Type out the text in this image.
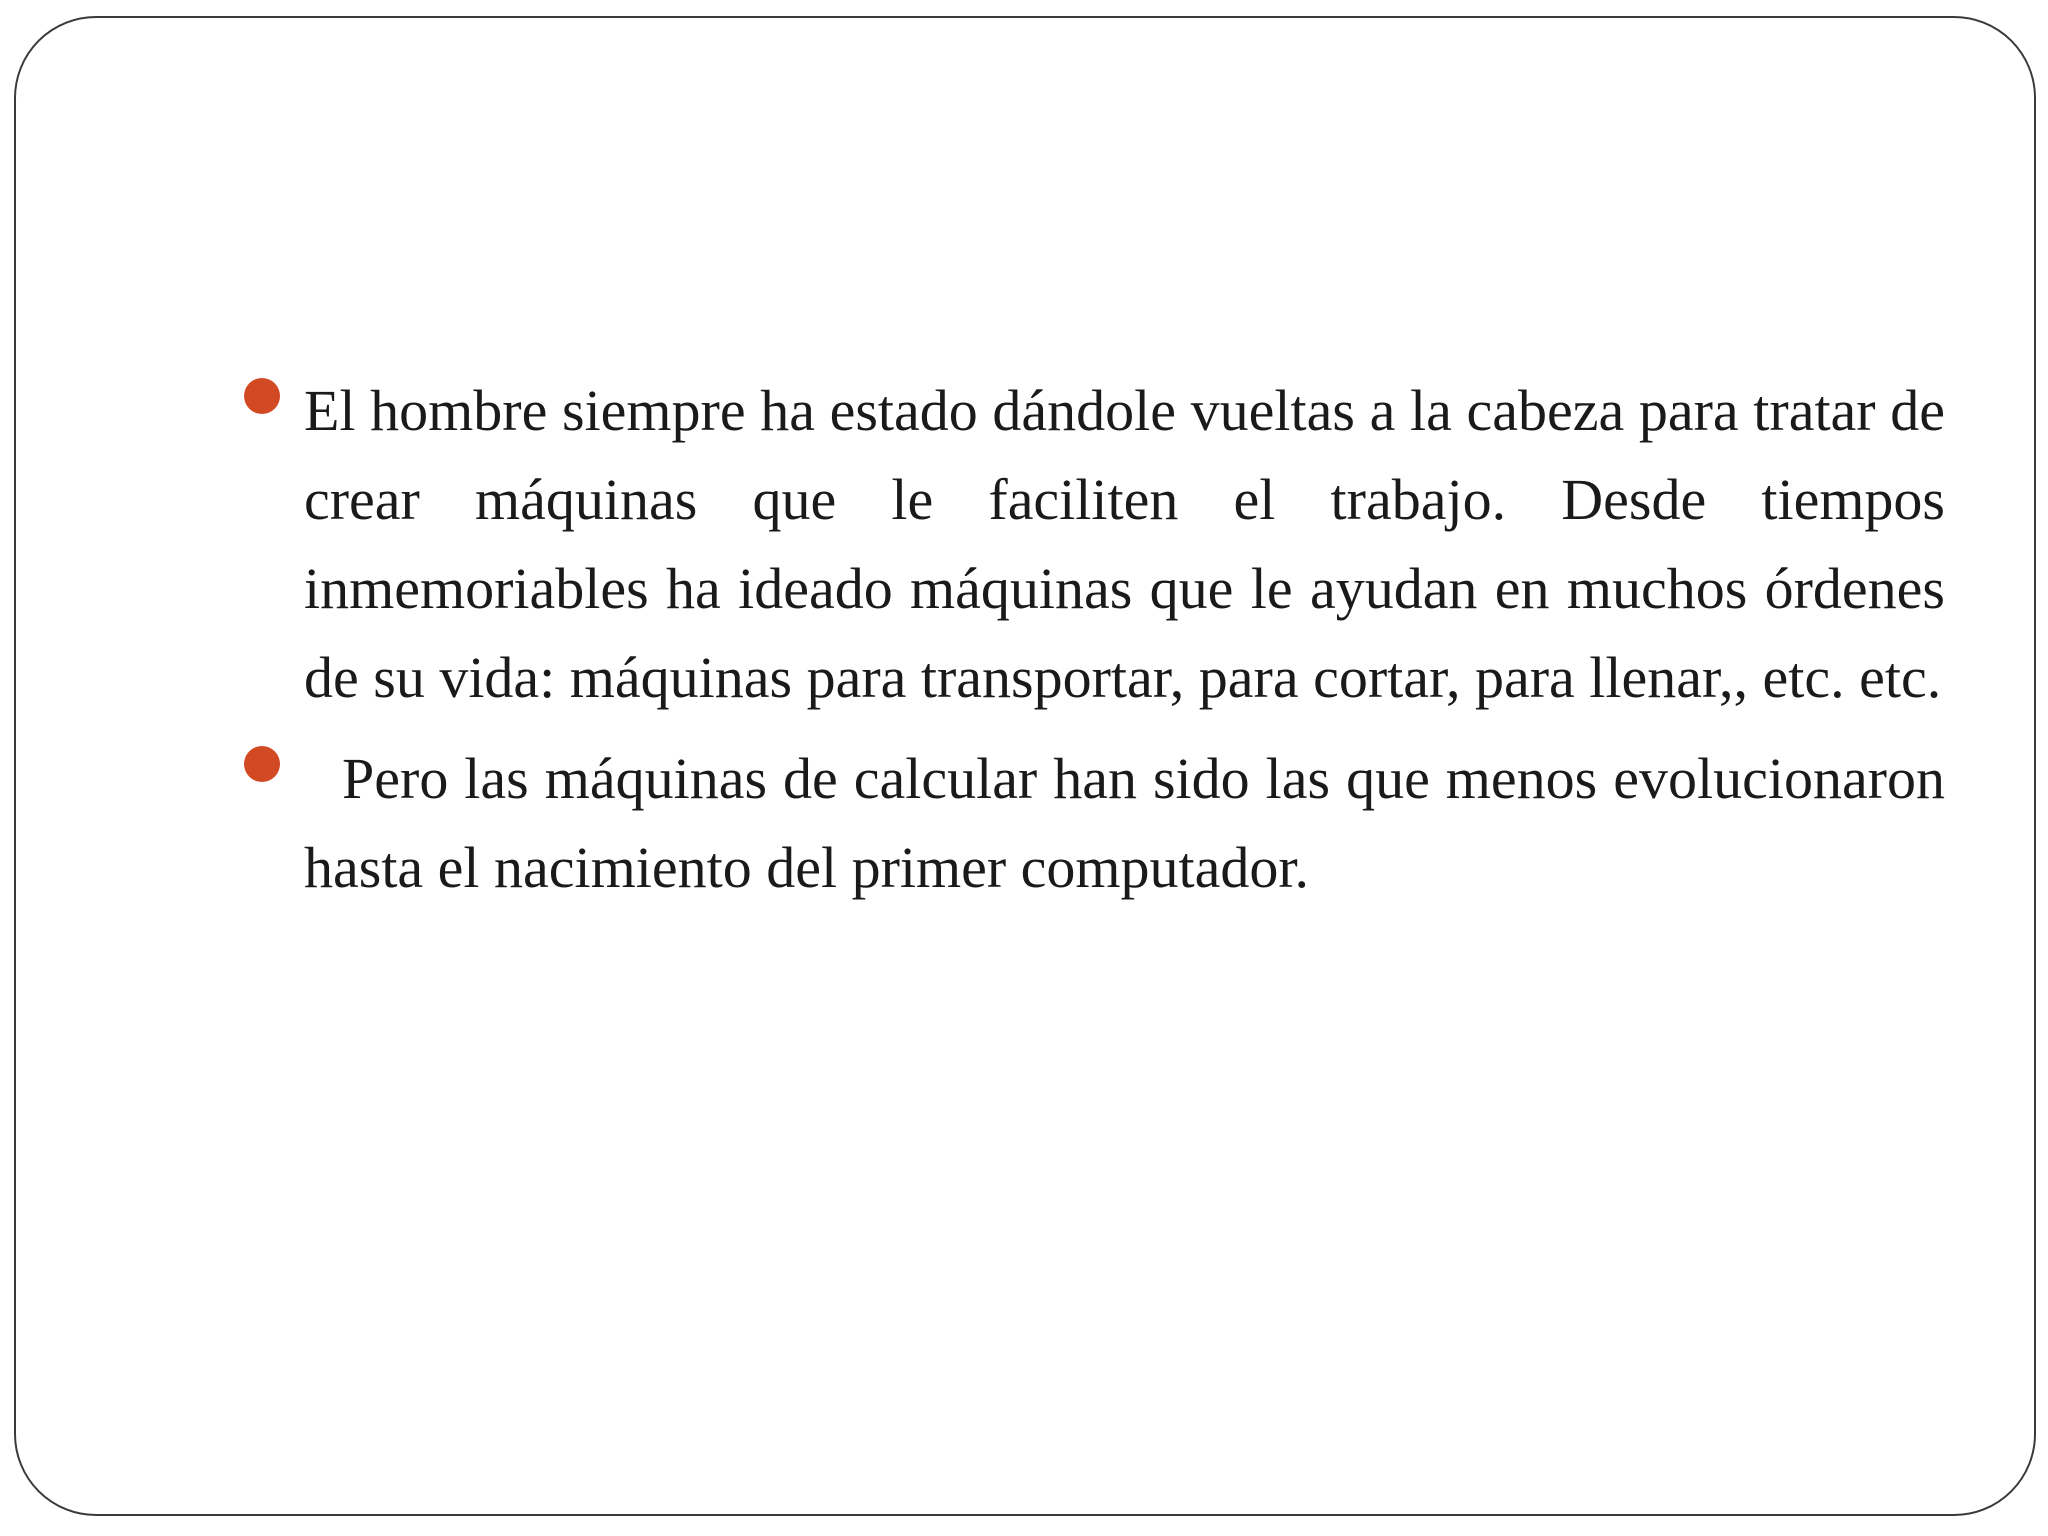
El hombre siempre ha estado dándole vueltas a la cabeza para tratar de crear máquinas que le faciliten el trabajo. Desde tiempos inmemoriables ha ideado máquinas que le ayudan en muchos órdenes de su vida: máquinas para transportar, para cortar, para llenar,, etc. etc.
Pero las máquinas de calcular han sido las que menos evolucionaron hasta el nacimiento del primer computador.
